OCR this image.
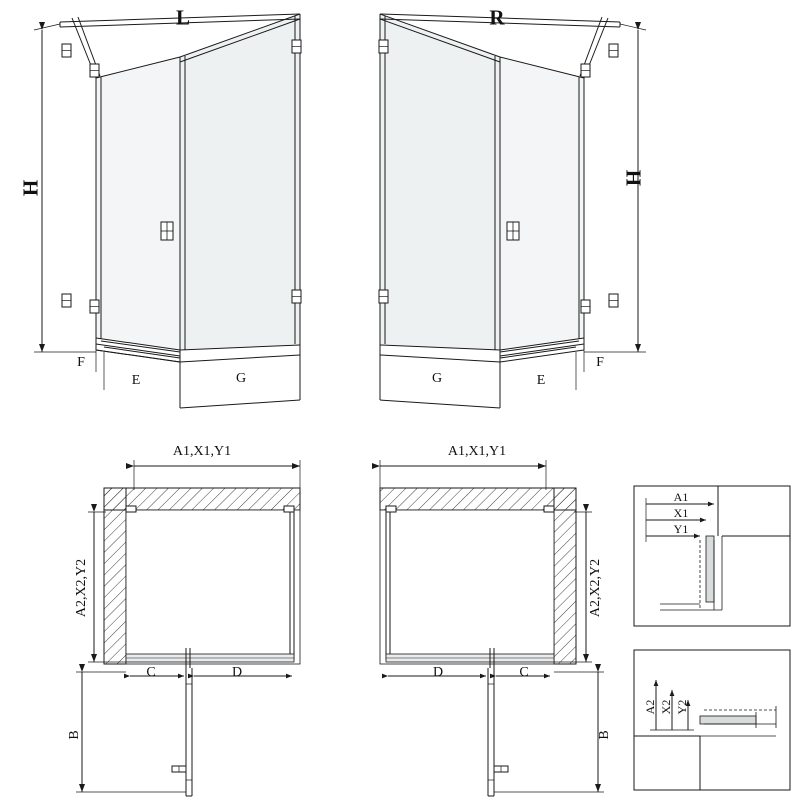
L
H
F
E	G
R
H
G	E
F
A1,X1,Y1
A2,X2,Y2
C	D
B
A1,X1,Y1
A2,X2,Y2
D	C
B
A1
X1
Y1
A2 X2 Y2
